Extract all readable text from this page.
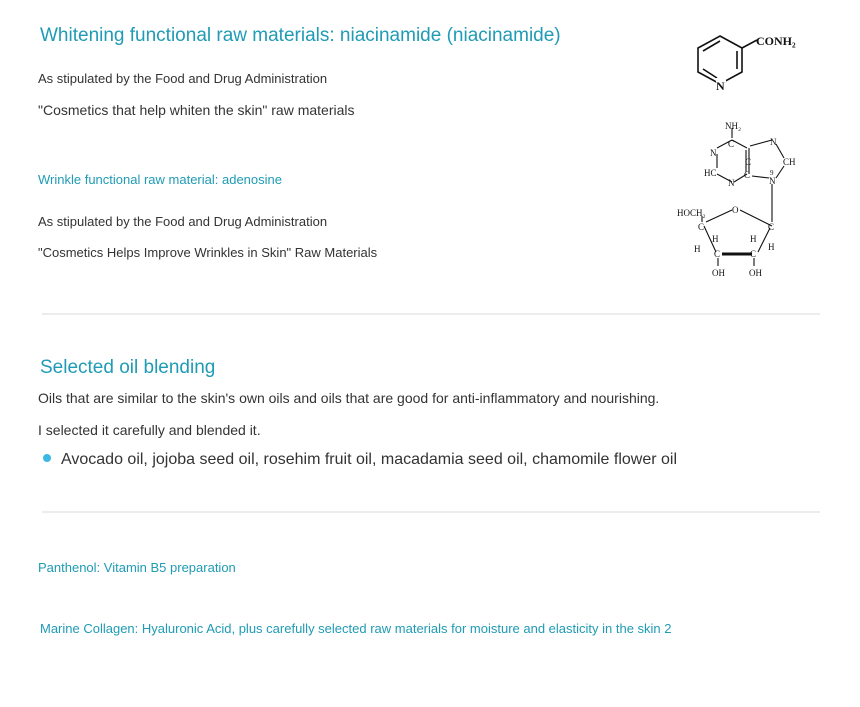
Whitening functional raw materials: niacinamide (niacinamide)
As stipulated by the Food and Drug Administration
"Cosmetics that help whiten the skin" raw materials
N
CONH₂
Wrinkle functional raw material: adenosine
As stipulated by the Food and Drug Administration
"Cosmetics Helps Improve Wrinkles in Skin" Raw Materials
NH₂
N
C
HC
N
C
C
N
CH
9
N
HOCH₂	O
C	C
H
H	H
H
C	C
OH	OH
Selected oil blending
Oils that are similar to the skin's own oils and oils that are good for anti-inflammatory and nourishing.
I selected it carefully and blended it.
Avocado oil, jojoba seed oil, rosehim fruit oil, macadamia seed oil, chamomile flower oil
Panthenol: Vitamin B5 preparation
Marine Collagen: Hyaluronic Acid, plus carefully selected raw materials for moisture and elasticity in the skin 2
